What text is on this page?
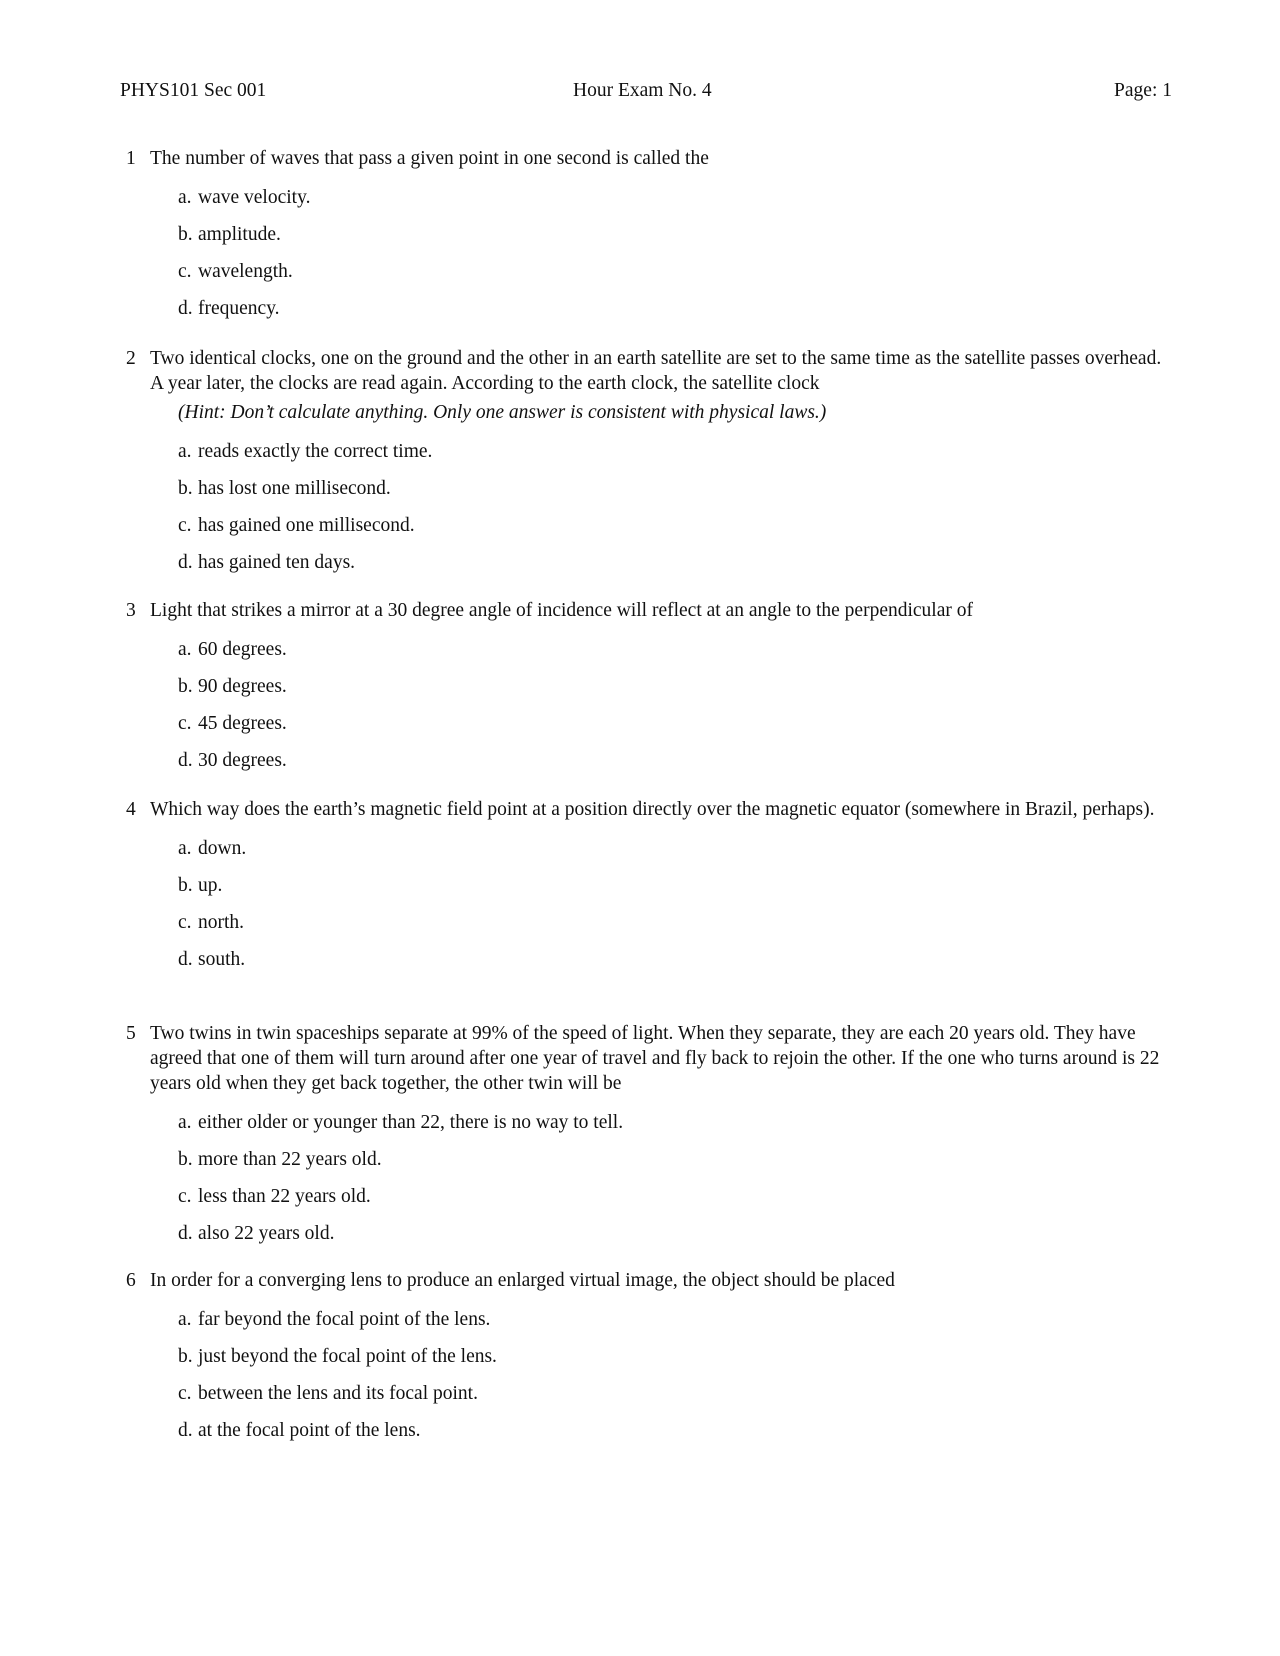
PHYS101 Sec 001	Hour Exam No. 4	Page: 1
1 The number of waves that pass a given point in one second is called the
a. wave velocity.
b. amplitude.
c. wavelength.
d. frequency.
2 Two identical clocks, one on the ground and the other in an earth satellite are set to the same time as the satellite passes overhead. A year later, the clocks are read again. According to the earth clock, the satellite clock
(Hint: Don’t calculate anything. Only one answer is consistent with physical laws.)
a. reads exactly the correct time.
b. has lost one millisecond.
c. has gained one millisecond.
d. has gained ten days.
3 Light that strikes a mirror at a 30 degree angle of incidence will reflect at an angle to the perpendicular of
a. 60 degrees.
b. 90 degrees.
c. 45 degrees.
d. 30 degrees.
4 Which way does the earth’s magnetic field point at a position directly over the magnetic equator (somewhere in Brazil, perhaps).
a. down.
b. up.
c. north.
d. south.
5 Two twins in twin spaceships separate at 99% of the speed of light. When they separate, they are each 20 years old. They have agreed that one of them will turn around after one year of travel and fly back to rejoin the other. If the one who turns around is 22 years old when they get back together, the other twin will be
a. either older or younger than 22, there is no way to tell.
b. more than 22 years old.
c. less than 22 years old.
d. also 22 years old.
6 In order for a converging lens to produce an enlarged virtual image, the object should be placed
a. far beyond the focal point of the lens.
b. just beyond the focal point of the lens.
c. between the lens and its focal point.
d. at the focal point of the lens.
